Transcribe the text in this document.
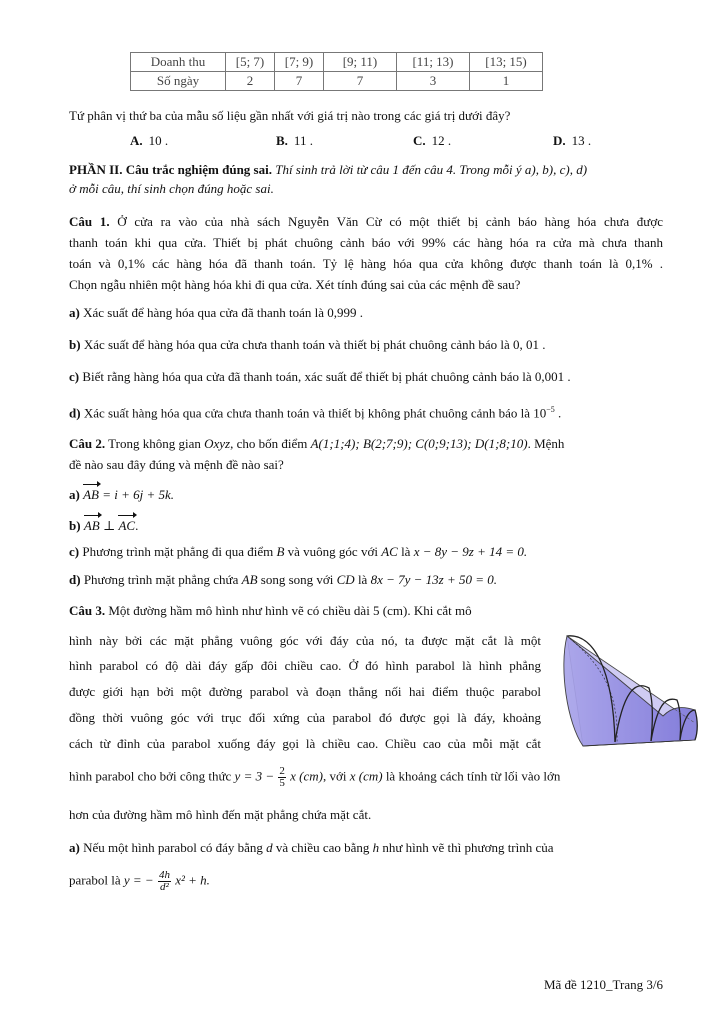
Doanh thu	[5; 7)	[7; 9)	[9; 11)	[11; 13)	[13; 15)
Số ngày	2	7	7	3	1
Tứ phân vị thứ ba của mẫu số liệu gần nhất với giá trị nào trong các giá trị dưới đây?
A. 10 .	B. 11 .	C. 12 .	D. 13 .
PHẦN II. Câu trắc nghiệm đúng sai. Thí sinh trả lời từ câu 1 đến câu 4. Trong mỗi ý a), b), c), d)
ở mỗi câu, thí sinh chọn đúng hoặc sai.
Câu 1. Ở cửa ra vào của nhà sách Nguyễn Văn Cừ có một thiết bị cảnh báo hàng hóa chưa được
thanh toán khi qua cửa. Thiết bị phát chuông cảnh báo với 99% các hàng hóa ra cửa mà chưa thanh
toán và 0,1% các hàng hóa đã thanh toán. Tỷ lệ hàng hóa qua cửa không được thanh toán là 0,1% .
Chọn ngẫu nhiên một hàng hóa khi đi qua cửa. Xét tính đúng sai của các mệnh đề sau?
a) Xác suất để hàng hóa qua cửa đã thanh toán là 0,999 .
b) Xác suất để hàng hóa qua cửa chưa thanh toán và thiết bị phát chuông cảnh báo là 0, 01 .
c) Biết rằng hàng hóa qua cửa đã thanh toán, xác suất để thiết bị phát chuông cảnh báo là 0,001 .
d) Xác suất hàng hóa qua cửa chưa thanh toán và thiết bị không phát chuông cảnh báo là $10^{-5}$ .
Câu 2. Trong không gian Oxyz, cho bốn điểm A(1;1;4); B(2;7;9); C(0;9;13); D(1;8;10). Mệnh
đề nào sau đây đúng và mệnh đề nào sai?
a) AB = i + 6j + 5k.
b) AB ⊥ AC.
c) Phương trình mặt phẳng đi qua điểm B và vuông góc với AC là x − 8y − 9z + 14 = 0.
d) Phương trình mặt phẳng chứa AB song song với CD là 8x − 7y − 13z + 50 = 0.
Câu 3. Một đường hầm mô hình như hình vẽ có chiều dài 5 (cm). Khi cắt mô
hình này bởi các mặt phẳng vuông góc với đáy của nó, ta được mặt cắt là một
hình parabol có độ dài đáy gấp đôi chiều cao. Ở đó hình parabol là hình phẳng
được giới hạn bởi một đường parabol và đoạn thẳng nối hai điểm thuộc parabol
đồng thời vuông góc với trục đối xứng của parabol đó được gọi là đáy, khoảng
cách từ đỉnh của parabol xuống đáy gọi là chiều cao. Chiều cao của mỗi mặt cắt
hình parabol cho bởi công thức $y = 3 - \frac{2}{5}$ x (cm), với x (cm) là khoảng cách tính từ lối vào lớn
hơn của đường hầm mô hình đến mặt phẳng chứa mặt cắt.
a) Nếu một hình parabol có đáy bằng d và chiều cao bằng h như hình vẽ thì phương trình của
parabol là y = − $\frac{4h}{\text{d²}} x^2 + h$.
Mã đề 1210_Trang 3/6
